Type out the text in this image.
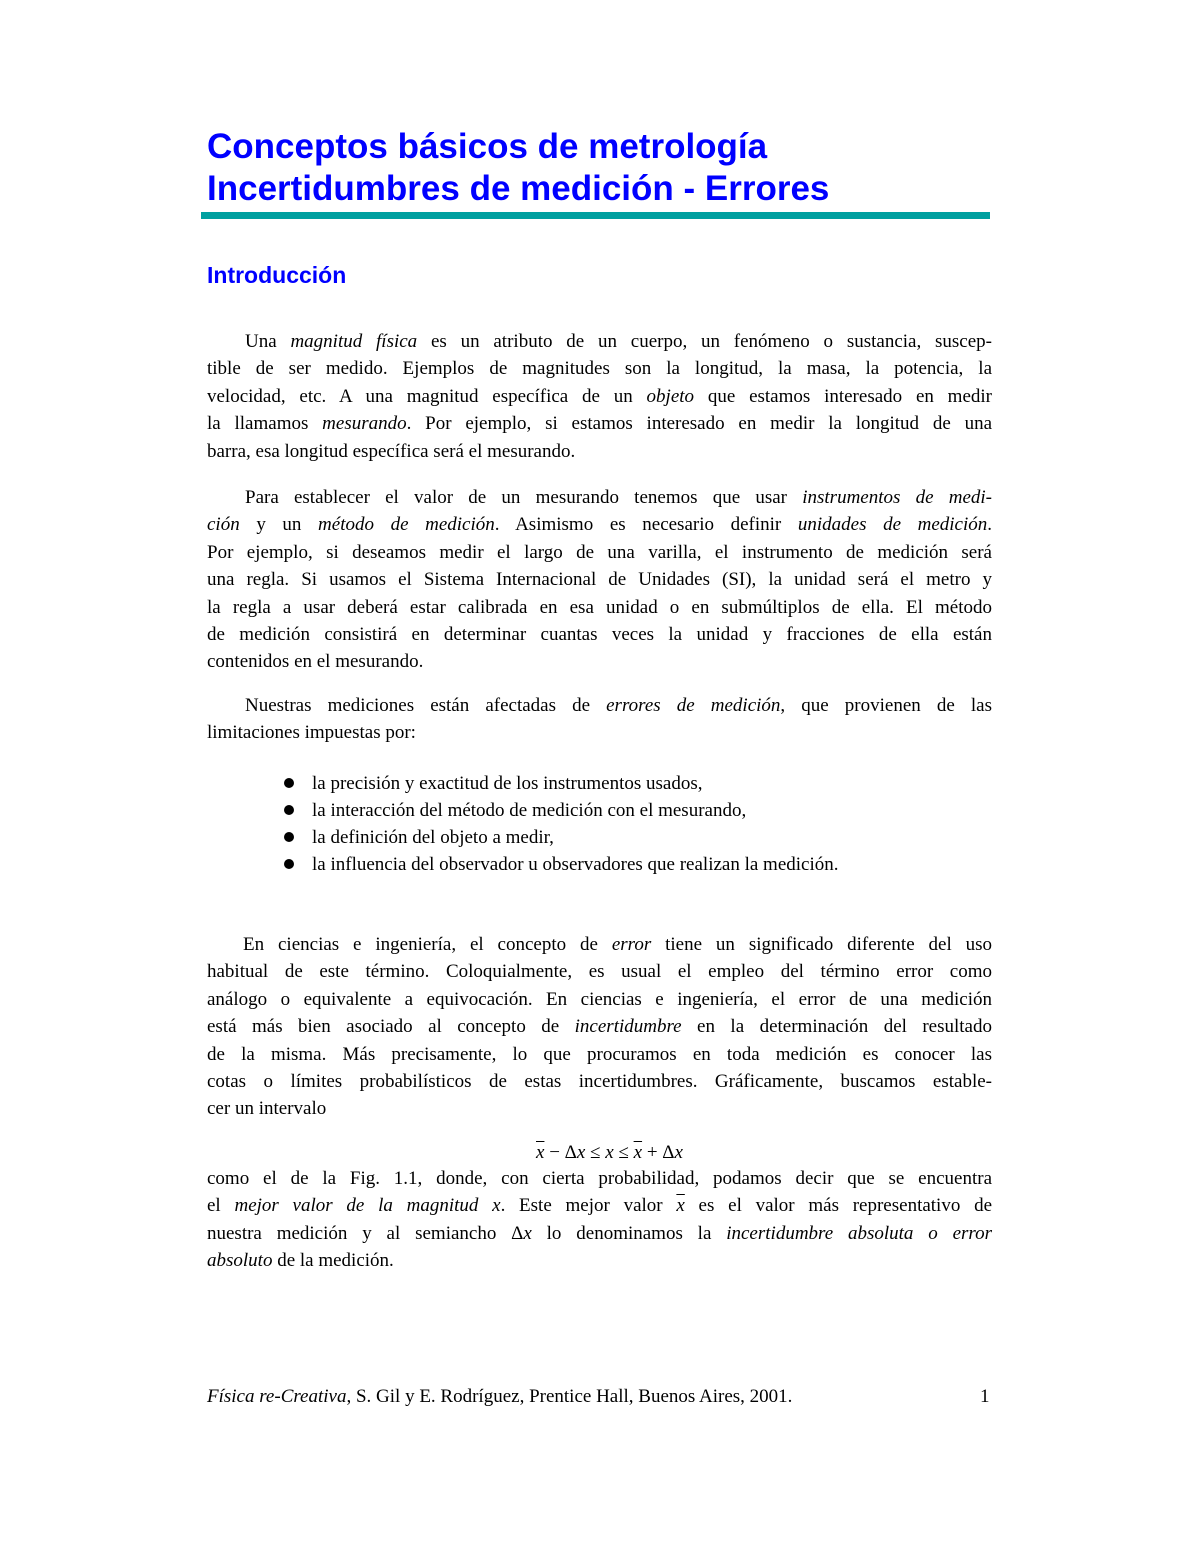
Conceptos básicos de metrología
Incertidumbres de medición - Errores
Introducción
Una magnitud física es un atributo de un cuerpo, un fenómeno o sustancia, suscep-
tible de ser medido. Ejemplos de magnitudes son la longitud, la masa, la potencia, la
velocidad, etc. A una magnitud específica de un objeto que estamos interesado en medir
la llamamos mesurando. Por ejemplo, si estamos interesado en medir la longitud de una
barra, esa longitud específica será el mesurando.
Para establecer el valor de un mesurando tenemos que usar instrumentos de medi-
ción y un método de medición. Asimismo es necesario definir unidades de medición.
Por ejemplo, si deseamos medir el largo de una varilla, el instrumento de medición será
una regla. Si usamos el Sistema Internacional de Unidades (SI), la unidad será el metro y
la regla a usar deberá estar calibrada en esa unidad o en submúltiplos de ella. El método
de medición consistirá en determinar cuantas veces la unidad y fracciones de ella están
contenidos en el mesurando.
Nuestras mediciones están afectadas de errores de medición, que provienen de las
limitaciones impuestas por:
la precisión y exactitud de los instrumentos usados,
la interacción del método de medición con el mesurando,
la definición del objeto a medir,
la influencia del observador u observadores que realizan la medición.
En ciencias e ingeniería, el concepto de error tiene un significado diferente del uso
habitual de este término. Coloquialmente, es usual el empleo del término error como
análogo o equivalente a equivocación. En ciencias e ingeniería, el error de una medición
está más bien asociado al concepto de incertidumbre en la determinación del resultado
de la misma. Más precisamente, lo que procuramos en toda medición es conocer las
cotas o límites probabilísticos de estas incertidumbres. Gráficamente, buscamos estable-
cer un intervalo
$\overline{x} - \Delta x \le x \le \overline{x} + \Delta x$
como el de la Fig. 1.1, donde, con cierta probabilidad, podamos decir que se encuentra
el mejor valor de la magnitud x. Este mejor valor $\overline{x}$ es el valor más representativo de
nuestra medición y al semiancho Δx lo denominamos la incertidumbre absoluta o error
absoluto de la medición.
Física re-Creativa, S. Gil y E. Rodríguez, Prentice Hall, Buenos Aires, 2001.	1
